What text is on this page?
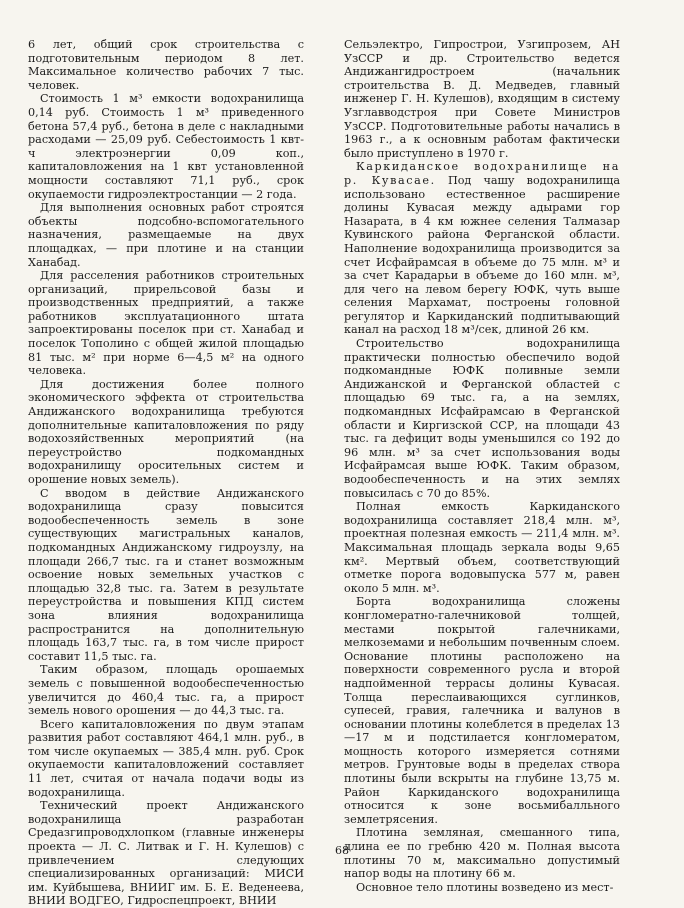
6 лет, общий срок строительства с подготовительным периодом 8 лет. Максимальное количество рабочих 7 тыс. человек.

Стоимость 1 м³ емкости водохранилища 0,14 руб. Стоимость 1 м³ приведенного бетона 57,4 руб., бетона в деле с накладными расходами — 25,09 руб. Себестоимость 1 квт-ч электроэнергии 0,09 коп., капиталовложения на 1 квт установленной мощности составляют 71,1 руб., срок окупаемости гидроэлектростанции — 2 года.

Для выполнения основных работ строятся объекты подсобно-вспомогательного назначения, размещаемые на двух площадках, — при плотине и на станции Ханабад.

Для расселения работников строительных организаций, прирельсовой базы и производственных предприятий, а также работников эксплуатационного штата запроектированы поселок при ст. Ханабад и поселок Тополино с общей жилой площадью 81 тыс. м² при норме 6—4,5 м² на одного человека.

Для достижения более полного экономического эффекта от строительства Андижанского водохранилища требуются дополнительные капиталовложения по ряду водохозяйственных мероприятий (на переустройство подкомандных водохранилищу оросительных систем и орошение новых земель).

С вводом в действие Андижанского водохранилища сразу повысится водообеспеченность земель в зоне существующих магистральных каналов, подкомандных Андижанскому гидроузлу, на площади 266,7 тыс. га и станет возможным освоение новых земельных участков с площадью 32,8 тыс. га. Затем в результате переустройства и повышения КПД систем зона влияния водохранилища распространится на дополнительную площадь 163,7 тыс. га, в том числе прирост составит 11,5 тыс. га.

Таким образом, площадь орошаемых земель с повышенной водообеспеченностью увеличится до 460,4 тыс. га, а прирост земель нового орошения — до 44,3 тыс. га.

Всего капиталовложения по двум этапам развития работ составляют 464,1 млн. руб., в том числе окупаемых — 385,4 млн. руб. Срок окупаемости капиталовложений составляет 11 лет, считая от начала подачи воды из водохранилища.

Технический проект Андижанского водохранилища разработан Средазгипроводхлопком (главные инженеры проекта — Л. С. Литвак и Г. Н. Кулешов) с привлечением следующих специализированных организаций: МИСИ им. Куйбышева, ВНИИГ им. Б. Е. Веденеева, ВНИИ ВОДГЕО, Гидроспецпроект, ВНИИ

Сельэлектро, Гипрострои, Узгипрозем, АН УзССР и др. Строительство ведется Андижангидростроем (начальник строительства В. Д. Медведев, главный инженер Г. Н. Кулешов), входящим в систему Узглавводстроя при Совете Министров УзССР. Подготовительные работы начались в 1963 г., а к основным работам фактически было приступлено в 1970 г.

Каркиданское водохранилище на р. Кувасае. Под чашу водохранилища использовано естественное расширение долины Кувасая между адырами гор Назарата, в 4 км южнее селения Талмазар Кувинского района Ферганской области. Наполнение водохранилища производится за счет Исфайрамсая в объеме до 75 млн. м³ и за счет Карадарьи в объеме до 160 млн. м³, для чего на левом берегу ЮФК, чуть выше селения Мархамат, построены головной регулятор и Каркиданский подпитывающий канал на расход 18 м³/сек, длиной 26 км.

Строительство водохранилища практически полностью обеспечило водой подкомандные ЮФК поливные земли Андижанской и Ферганской областей с площадью 69 тыс. га, а на землях, подкомандных Исфайрамсаю в Ферганской области и Киргизской ССР, на площади 43 тыс. га дефицит воды уменьшился со 192 до 96 млн. м³ за счет использования воды Исфайрамсая выше ЮФК. Таким образом, водообеспеченность и на этих землях повысилась с 70 до 85%.

Полная емкость Каркиданского водохранилища составляет 218,4 млн. м³, проектная полезная емкость — 211,4 млн. м³. Максимальная площадь зеркала воды 9,65 км². Мертвый объем, соответствующий отметке порога водовыпуска 577 м, равен около 5 млн. м³.

Борта водохранилища сложены конгломератно-галечниковой толщей, местами покрытой галечниками, мелкоземами и небольшим почвенным слоем. Основание плотины расположено на поверхности современного русла и второй надпойменной террасы долины Кувасая. Толща переслаивающихся суглинков, супесей, гравия, галечника и валунов в основании плотины колеблется в пределах 13—17 м и подстилается конгломератом, мощность которого измеряется сотнями метров. Грунтовые воды в пределах створа плотины были вскрыты на глубине 13,75 м. Район Каркиданского водохранилища относится к зоне восьмибалльного землетрясения.

Плотина земляная, смешанного типа, длина ее по гребню 420 м. Полная высота плотины 70 м, максимально допустимый напор воды на плотину 66 м.

Основное тело плотины возведено из мест-

68
